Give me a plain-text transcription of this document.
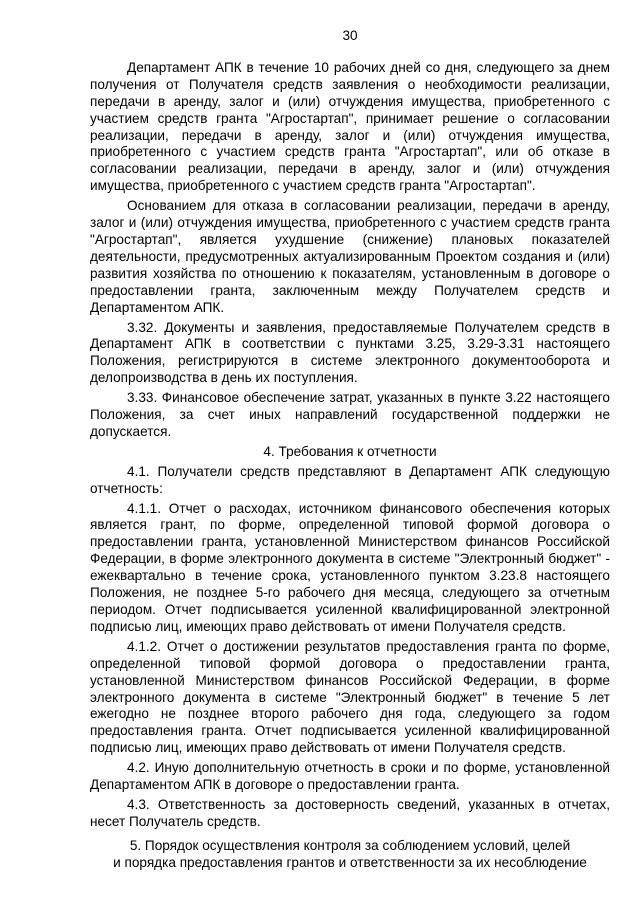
30

Департамент АПК в течение 10 рабочих дней со дня, следующего за днем получения от Получателя средств заявления о необходимости реализации, передачи в аренду, залог и (или) отчуждения имущества, приобретенного с участием средств гранта "Агростартап", принимает решение о согласовании реализации, передачи в аренду, залог и (или) отчуждения имущества, приобретенного с участием средств гранта "Агростартап", или об отказе в согласовании реализации, передачи в аренду, залог и (или) отчуждения имущества, приобретенного с участием средств гранта "Агростартап".

Основанием для отказа в согласовании реализации, передачи в аренду, залог и (или) отчуждения имущества, приобретенного с участием средств гранта "Агростартап", является ухудшение (снижение) плановых показателей деятельности, предусмотренных актуализированным Проектом создания и (или) развития хозяйства по отношению к показателям, установленным в договоре о предоставлении гранта, заключенным между Получателем средств и Департаментом АПК.

3.32. Документы и заявления, предоставляемые Получателем средств в Департамент АПК в соответствии с пунктами 3.25, 3.29-3.31 настоящего Положения, регистрируются в системе электронного документооборота и делопроизводства в день их поступления.

3.33. Финансовое обеспечение затрат, указанных в пункте 3.22 настоящего Положения, за счет иных направлений государственной поддержки не допускается.

4. Требования к отчетности

4.1. Получатели средств представляют в Департамент АПК следующую отчетность:

4.1.1. Отчет о расходах, источником финансового обеспечения которых является грант, по форме, определенной типовой формой договора о предоставлении гранта, установленной Министерством финансов Российской Федерации, в форме электронного документа в системе "Электронный бюджет" - ежеквартально в течение срока, установленного пунктом 3.23.8 настоящего Положения, не позднее 5-го рабочего дня месяца, следующего за отчетным периодом. Отчет подписывается усиленной квалифицированной электронной подписью лиц, имеющих право действовать от имени Получателя средств.

4.1.2. Отчет о достижении результатов предоставления гранта по форме, определенной типовой формой договора о предоставлении гранта, установленной Министерством финансов Российской Федерации, в форме электронного документа в системе "Электронный бюджет" в течение 5 лет ежегодно не позднее второго рабочего дня года, следующего за годом предоставления гранта. Отчет подписывается усиленной квалифицированной подписью лиц, имеющих право действовать от имени Получателя средств.

4.2. Иную дополнительную отчетность в сроки и по форме, установленной Департаментом АПК в договоре о предоставлении гранта.

4.3. Ответственность за достоверность сведений, указанных в отчетах, несет Получатель средств.

5. Порядок осуществления контроля за соблюдением условий, целей
и порядка предоставления грантов и ответственности за их несоблюдение
